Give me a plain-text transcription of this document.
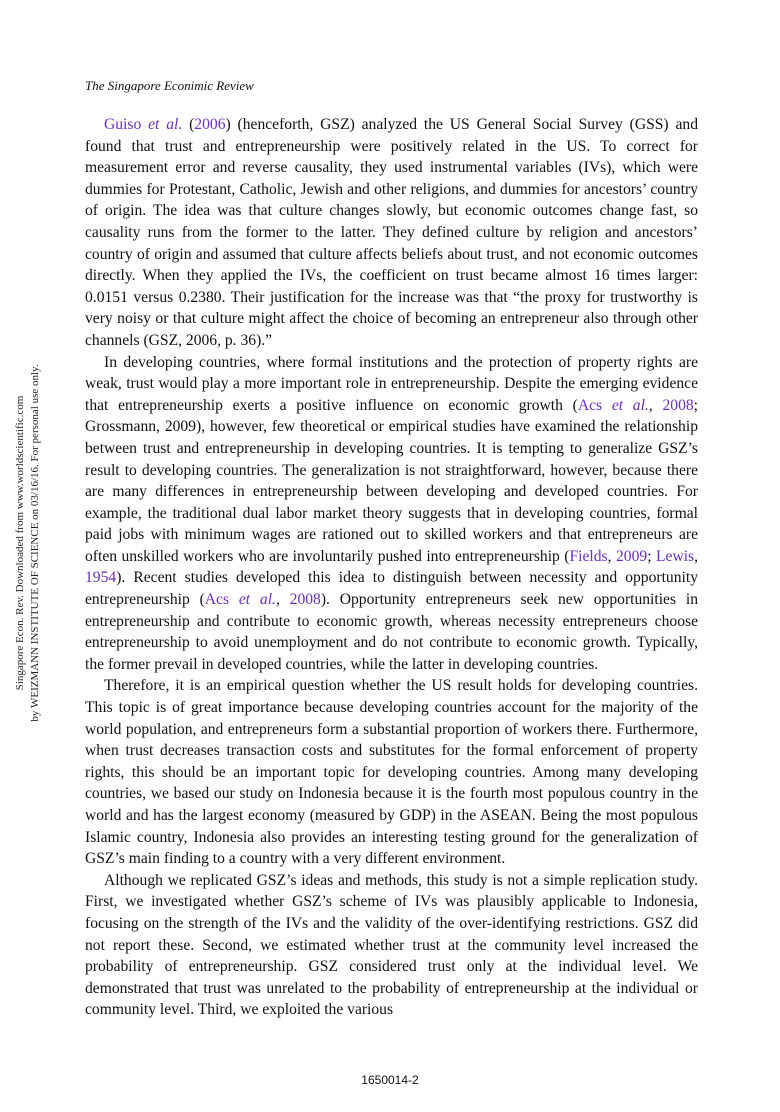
The Singapore Econimic Review
Singapore Econ. Rev. Downloaded from www.worldscientific.com by WEIZMANN INSTITUTE OF SCIENCE on 03/16/16. For personal use only.

Guiso et al. (2006) (henceforth, GSZ) analyzed the US General Social Survey (GSS) and found that trust and entrepreneurship were positively related in the US. To correct for measurement error and reverse causality, they used instrumental variables (IVs), which were dummies for Protestant, Catholic, Jewish and other religions, and dummies for ancestors’ country of origin. The idea was that culture changes slowly, but economic outcomes change fast, so causality runs from the former to the latter. They defined culture by religion and ancestors’ country of origin and assumed that culture affects beliefs about trust, and not economic outcomes directly. When they applied the IVs, the coefficient on trust became almost 16 times larger: 0.0151 versus 0.2380. Their justification for the increase was that “the proxy for trustworthy is very noisy or that culture might affect the choice of becoming an entrepreneur also through other channels (GSZ, 2006, p. 36).”

In developing countries, where formal institutions and the protection of property rights are weak, trust would play a more important role in entrepreneurship. Despite the emerging evidence that entrepreneurship exerts a positive influence on economic growth (Acs et al., 2008; Grossmann, 2009), however, few theoretical or empirical studies have examined the relationship between trust and entrepreneurship in developing countries. It is tempting to generalize GSZ’s result to developing countries. The generalization is not straightforward, however, because there are many differences in entrepreneurship between developing and developed countries. For example, the traditional dual labor market theory suggests that in developing countries, formal paid jobs with minimum wages are rationed out to skilled workers and that entrepreneurs are often unskilled workers who are involuntarily pushed into entrepreneurship (Fields, 2009; Lewis, 1954). Recent studies developed this idea to distinguish between necessity and opportunity entrepreneurship (Acs et al., 2008). Opportunity entrepreneurs seek new opportunities in entrepreneurship and contribute to economic growth, whereas necessity entrepreneurs choose entrepreneurship to avoid unemployment and do not contribute to economic growth. Typically, the former prevail in developed countries, while the latter in developing countries.

Therefore, it is an empirical question whether the US result holds for developing countries. This topic is of great importance because developing countries account for the majority of the world population, and entrepreneurs form a substantial proportion of workers there. Furthermore, when trust decreases transaction costs and substitutes for the formal enforcement of property rights, this should be an important topic for developing countries. Among many developing countries, we based our study on Indonesia because it is the fourth most populous country in the world and has the largest economy (measured by GDP) in the ASEAN. Being the most populous Islamic country, Indonesia also provides an interesting testing ground for the generalization of GSZ’s main finding to a country with a very different environment.

Although we replicated GSZ’s ideas and methods, this study is not a simple replication study. First, we investigated whether GSZ’s scheme of IVs was plausibly applicable to Indonesia, focusing on the strength of the IVs and the validity of the over-identifying restrictions. GSZ did not report these. Second, we estimated whether trust at the community level increased the probability of entrepreneurship. GSZ considered trust only at the individual level. We demonstrated that trust was unrelated to the probability of entrepreneurship at the individual or community level. Third, we exploited the various

1650014-2
